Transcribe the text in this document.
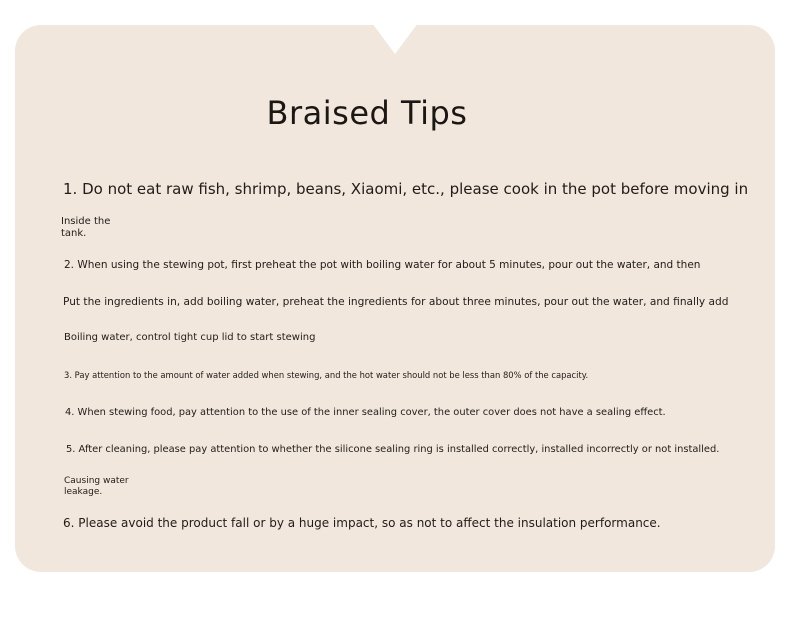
Braised Tips
1. Do not eat raw fish, shrimp, beans, Xiaomi, etc., please cook in the pot before moving in
Inside the
tank.
2. When using the stewing pot, first preheat the pot with boiling water for about 5 minutes, pour out the water, and then
Put the ingredients in, add boiling water, preheat the ingredients for about three minutes, pour out the water, and finally add
Boiling water, control tight cup lid to start stewing
3. Pay attention to the amount of water added when stewing, and the hot water should not be less than 80% of the capacity.
4. When stewing food, pay attention to the use of the inner sealing cover, the outer cover does not have a sealing effect.
5. After cleaning, please pay attention to whether the silicone sealing ring is installed correctly, installed incorrectly or not installed.
Causing water
leakage.
6. Please avoid the product fall or by a huge impact, so as not to affect the insulation performance.
